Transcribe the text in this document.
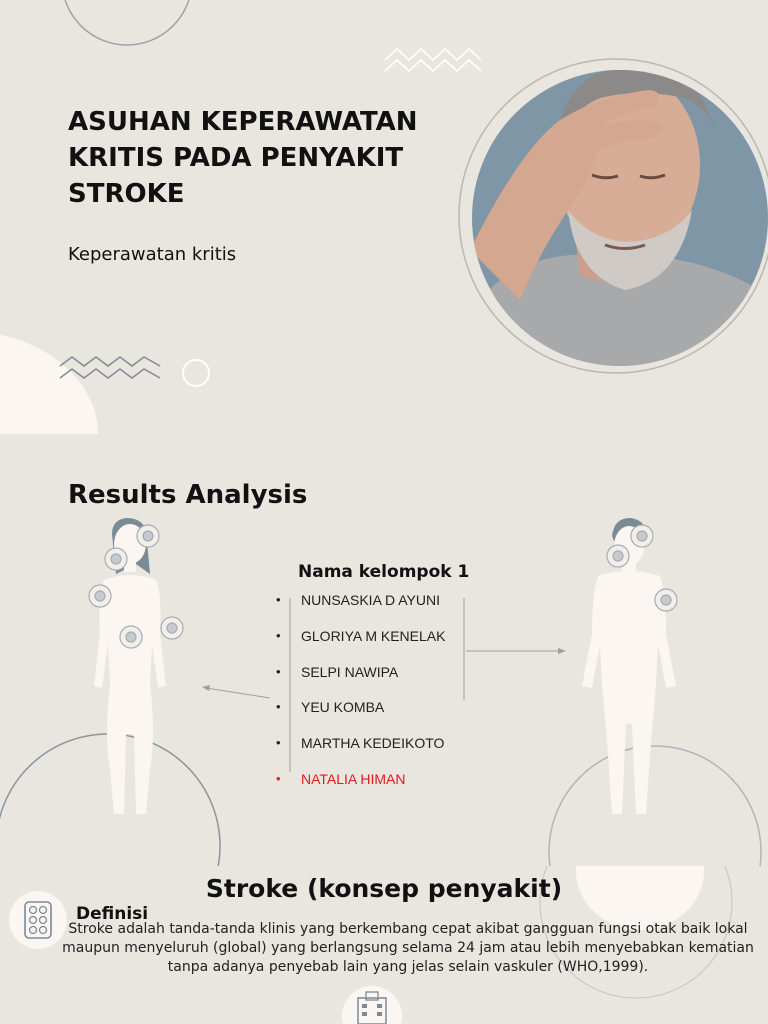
ASUHAN KEPERAWATAN KRITIS PADA PENYAKIT STROKE

Keperawatan kritis

Results Analysis
Nama kelompok 1
• NUNSASKIA D AYUNI
• GLORIYA M KENELAK
• SELPI NAWIPA
• YEU KOMBA
• MARTHA KEDEIKOTO
• NATALIA HIMAN
Stroke (konsep penyakit)
Definisi

Stroke adalah tanda-tanda klinis yang berkembang cepat akibat gangguan fungsi otak baik lokal maupun menyeluruh (global) yang berlangsung selama 24 jam atau lebih menyebabkan kematian tanpa adanya penyebab lain yang jelas selain vaskuler (WHO,1999).
